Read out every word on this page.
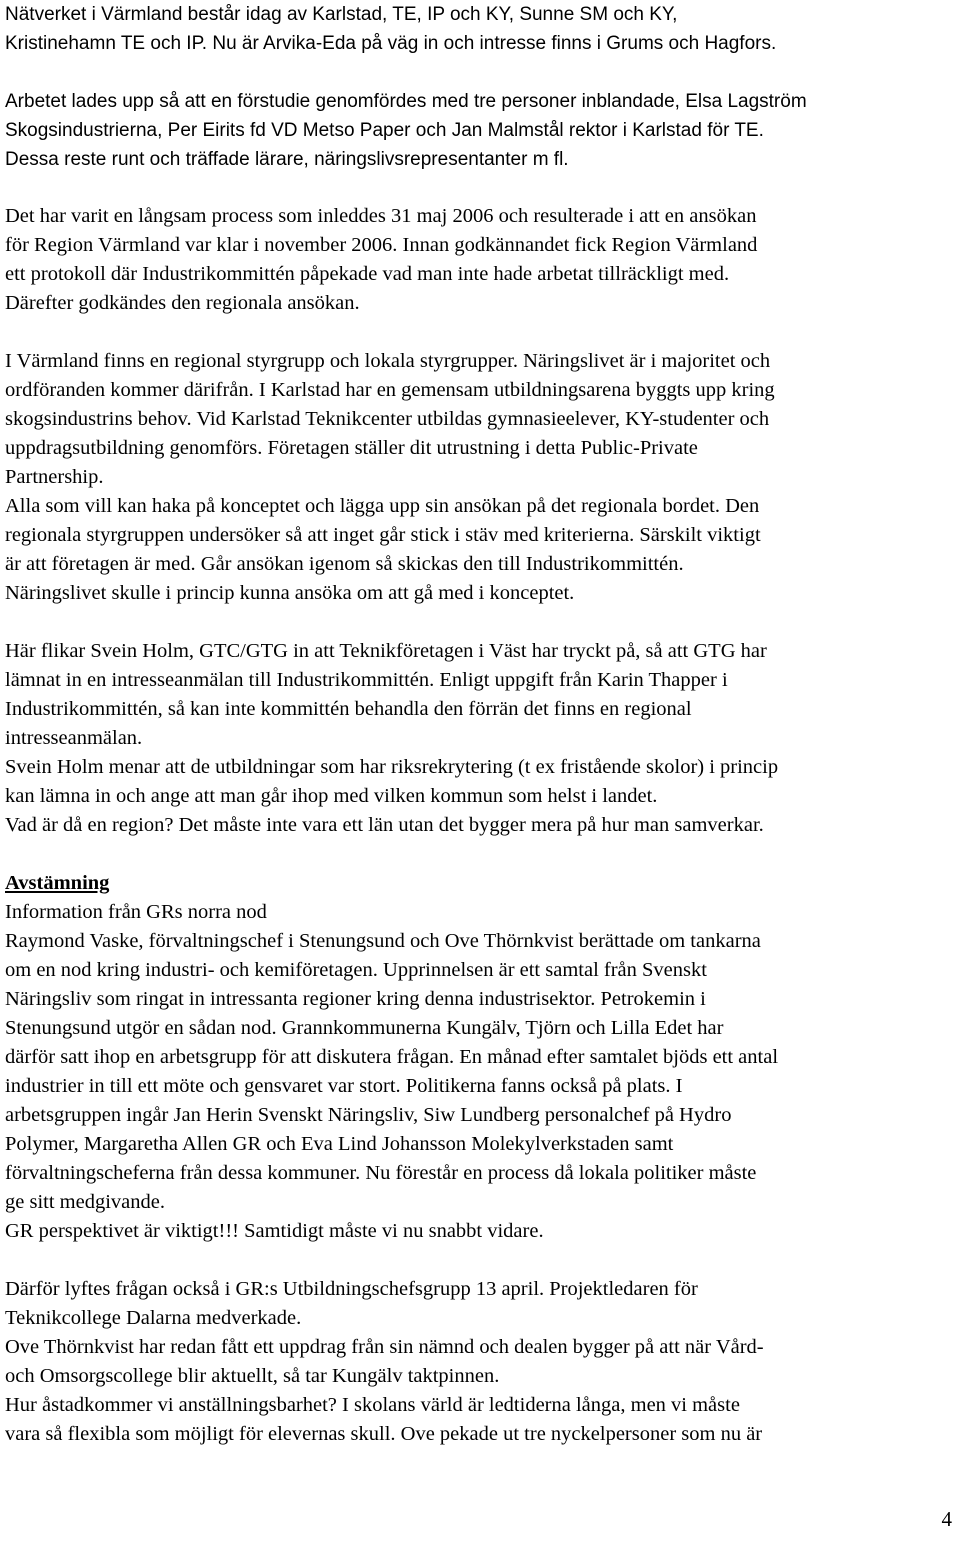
Nätverket i Värmland består idag av Karlstad, TE, IP och KY, Sunne SM och KY,
Kristinehamn TE och IP. Nu är Arvika-Eda på väg in och intresse finns i Grums och Hagfors.
Arbetet lades upp så att en förstudie genomfördes med tre personer inblandade, Elsa Lagström
Skogsindustrierna, Per Eirits fd VD Metso Paper och Jan Malmstål rektor i Karlstad för TE.
Dessa reste runt och träffade lärare, näringslivsrepresentanter m fl.
Det har varit en långsam process som inleddes 31 maj 2006 och resulterade i att en ansökan
för Region Värmland var klar i november 2006. Innan godkännandet fick Region Värmland
ett protokoll där Industrikommittén påpekade vad man inte hade arbetat tillräckligt med.
Därefter godkändes den regionala ansökan.
I Värmland finns en regional styrgrupp och lokala styrgrupper. Näringslivet är i majoritet och
ordföranden kommer därifrån. I Karlstad har en gemensam utbildningsarena byggts upp kring
skogsindustrins behov. Vid Karlstad Teknikcenter utbildas gymnasieelever, KY-studenter och
uppdragsutbildning genomförs. Företagen ställer dit utrustning i detta Public-Private
Partnership.
Alla som vill kan haka på konceptet och lägga upp sin ansökan på det regionala bordet. Den
regionala styrgruppen undersöker så att inget går stick i stäv med kriterierna. Särskilt viktigt
är att företagen är med. Går ansökan igenom så skickas den till Industrikommittén.
Näringslivet skulle i princip kunna ansöka om att gå med i konceptet.
Här flikar Svein Holm, GTC/GTG in att Teknikföretagen i Väst har tryckt på, så att GTG har
lämnat in en intresseanmälan till Industrikommittén. Enligt uppgift från Karin Thapper i
Industrikommittén, så kan inte kommittén behandla den förrän det finns en regional
intresseanmälan.
Svein Holm menar att de utbildningar som har riksrekrytering (t ex fristående skolor) i princip
kan lämna in och ange att man går ihop med vilken kommun som helst i landet.
Vad är då en region? Det måste inte vara ett län utan det bygger mera på hur man samverkar.
Avstämning
Information från GRs norra nod
Raymond Vaske, förvaltningschef i Stenungsund och Ove Thörnkvist berättade om tankarna
om en nod kring industri- och kemiföretagen. Upprinnelsen är ett samtal från Svenskt
Näringsliv som ringat in intressanta regioner kring denna industrisektor. Petrokemin i
Stenungsund utgör en sådan nod. Grannkommunerna Kungälv, Tjörn och Lilla Edet har
därför satt ihop en arbetsgrupp för att diskutera frågan. En månad efter samtalet bjöds ett antal
industrier in till ett möte och gensvaret var stort. Politikerna fanns också på plats. I
arbetsgruppen ingår Jan Herin Svenskt Näringsliv, Siw Lundberg personalchef på Hydro
Polymer, Margaretha Allen GR och Eva Lind Johansson Molekylverkstaden samt
förvaltningscheferna från dessa kommuner. Nu förestår en process då lokala politiker måste
ge sitt medgivande.
GR perspektivet är viktigt!!! Samtidigt måste vi nu snabbt vidare.
Därför lyftes frågan också i GR:s Utbildningschefsgrupp 13 april. Projektledaren för
Teknikcollege Dalarna medverkade.
Ove Thörnkvist har redan fått ett uppdrag från sin nämnd och dealen bygger på att när Vård-
och Omsorgscollege blir aktuellt, så tar Kungälv taktpinnen.
Hur åstadkommer vi anställningsbarhet? I skolans värld är ledtiderna långa, men vi måste
vara så flexibla som möjligt för elevernas skull. Ove pekade ut tre nyckelpersoner som nu är
4
